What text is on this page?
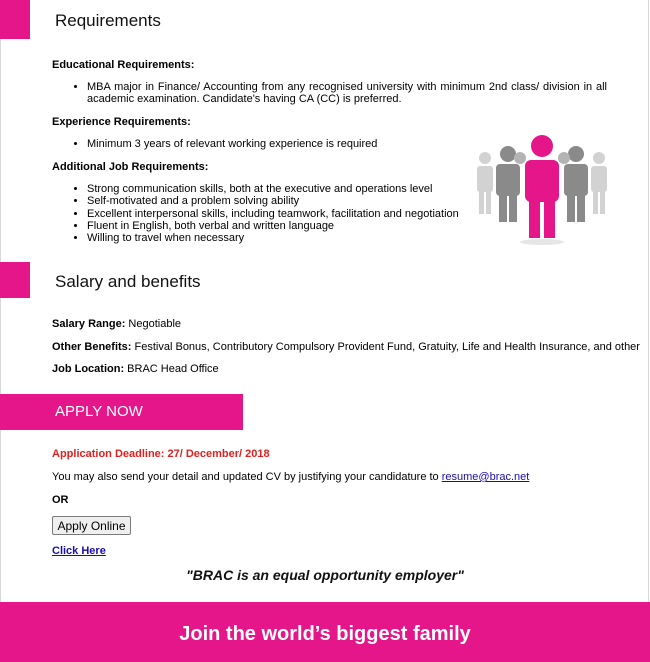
Requirements
Educational Requirements:
• MBA major in Finance/ Accounting from any recognised university with minimum 2nd class/ division in all academic examination. Candidate's having CA (CC) is preferred.
Experience Requirements:
• Minimum 3 years of relevant working experience is required
Additional Job Requirements:
• Strong communication skills, both at the executive and operations level
• Self-motivated and a problem solving ability
• Excellent interpersonal skills, including teamwork, facilitation and negotiation
• Fluent in English, both verbal and written language
• Willing to travel when necessary
Salary and benefits
Salary Range: Negotiable
Other Benefits: Festival Bonus, Contributory Compulsory Provident Fund, Gratuity, Life and Health Insurance, and other
Job Location: BRAC Head Office
APPLY NOW
Application Deadline: 27/ December/ 2018
You may also send your detail and updated CV by justifying your candidature to resume@brac.net
OR
Apply Online
Click Here
"BRAC is an equal opportunity employer"
Join the world’s biggest family
